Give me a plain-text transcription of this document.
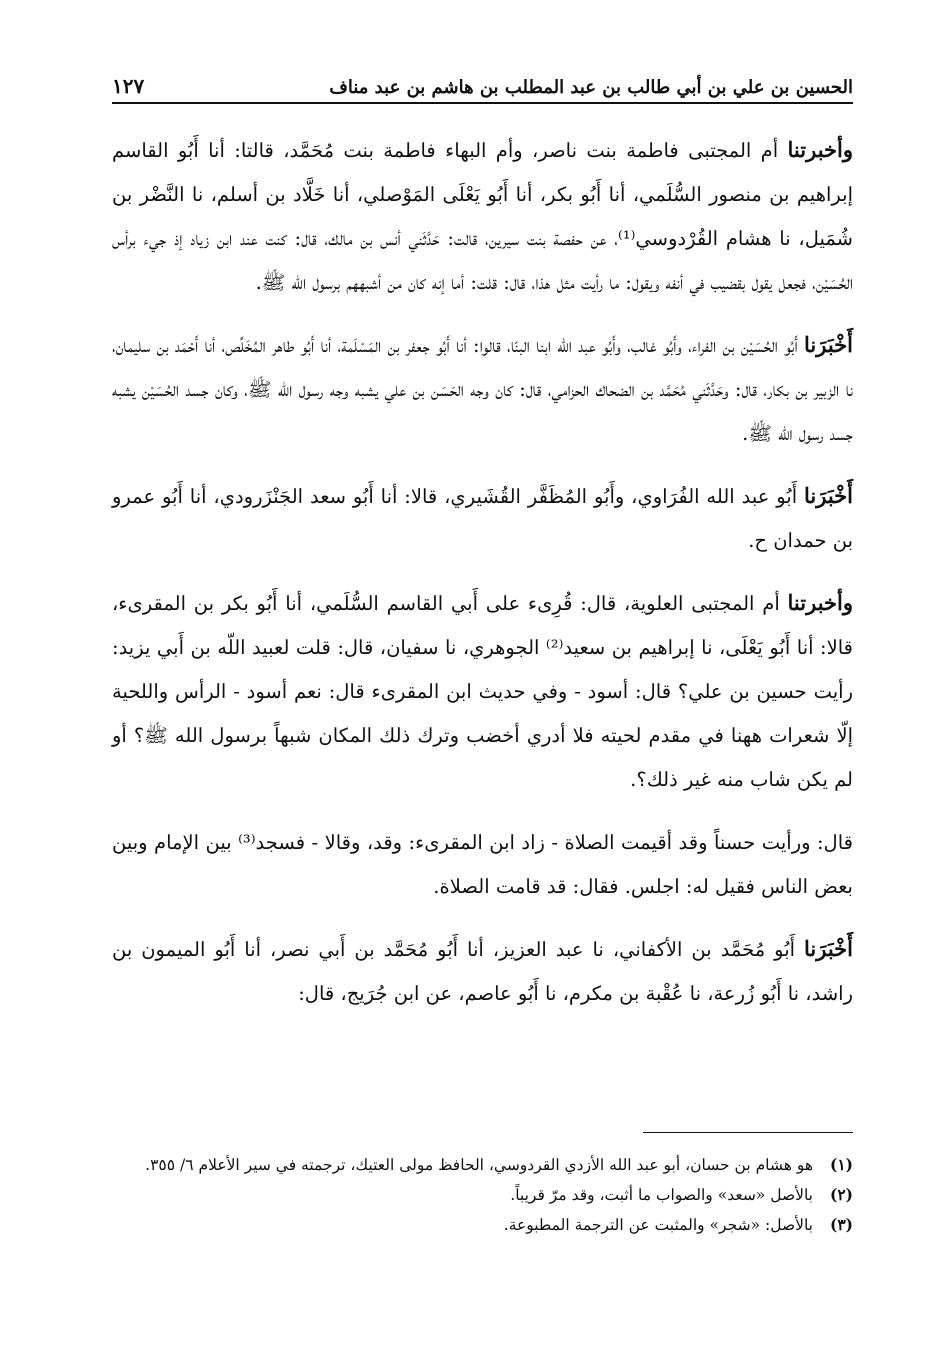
الحسين بن علي بن أبي طالب بن عبد المطلب بن هاشم بن عبد مناف
١٢٧

وأخبرتنا أم المجتبى فاطمة بنت ناصر، وأم البهاء فاطمة بنت مُحَمَّد، قالتا: أنا أَبُو القاسم إبراهيم بن منصور السُّلَمي، أنا أَبُو بكر، أنا أَبُو يَعْلَى المَوْصلي، أنا خَلَّاد بن أسلم، نا النَّضْر بن شُمَيل، نا هشام القُرْدوسي⁽¹⁾، عن حفصة بنت سيرين، قالت: حَدَّثَني أنس بن مالك، قال: كنت عند ابن زياد إذ جيء برأس الحُسَيْن، فجعل يقول بقضيب في أنفه ويقول: ما رأيت مثل هذا، قال: قلت: أما إنه كان من أشبههم برسول الله ﷺ.

أَخْبَرَنا أَبُو الحُسَيْن بن الفراء، وأَبُو غالب، وأَبُو عبد الله ابنا البنّا، قالوا: أنا أَبُو جعفر بن المَسْلَمة، أنا أَبُو طاهر المُخَلِّص، أنا أَحْمَد بن سليمان، نا الزبير بن بكار، قال: وحَدَّثَني مُحَمَّد بن الضحاك الحزامي، قال: كان وجه الحَسَن بن علي يشبه وجه رسول الله ﷺ، وكان جسد الحُسَيْن يشبه جسد رسول الله ﷺ.

أَخْبَرَنا أَبُو عبد الله الفُرَاوي، وأَبُو المُظَفَّر القُشَيري، قالا: أنا أَبُو سعد الجَنْزَرودي، أنا أَبُو عمرو بن حمدان ح.

وأخبرتنا أم المجتبى العلوية، قال: قُرِىء على أَبي القاسم السُّلَمي، أنا أَبُو بكر بن المقرىء، قالا: أنا أَبُو يَعْلَى، نا إبراهيم بن سعيد⁽²⁾ الجوهري، نا سفيان، قال: قلت لعبيد اللّه بن أَبي يزيد: رأيت حسين بن علي؟ قال: أسود - وفي حديث ابن المقرىء قال: نعم أسود - الرأس واللحية إلّا شعرات ههنا في مقدم لحيته فلا أدري أخضب وترك ذلك المكان شبهاً برسول الله ﷺ؟ أو لم يكن شاب منه غير ذلك؟.

قال: ورأيت حسناً وقد أقيمت الصلاة - زاد ابن المقرىء: وقد، وقالا - فسجد⁽³⁾ بين الإمام وبين بعض الناس فقيل له: اجلس. فقال: قد قامت الصلاة.

أَخْبَرَنا أَبُو مُحَمَّد بن الأكفاني، نا عبد العزيز، أنا أَبُو مُحَمَّد بن أَبي نصر، أنا أَبُو الميمون بن راشد، نا أَبُو زُرعة، نا عُقْبة بن مكرم، نا أَبُو عاصم، عن ابن جُرَيج، قال:

(١)
هو هشام بن حسان، أبو عبد الله الأزدي القردوسي، الحافظ مولى العتيك، ترجمته في سير الأعلام ٦/ ٣٥٥.
(٢)
بالأصل «سعد» والصواب ما أثبت، وقد مرّ قريباً.
(٣)
بالأصل: «شجر» والمثبت عن الترجمة المطبوعة.
